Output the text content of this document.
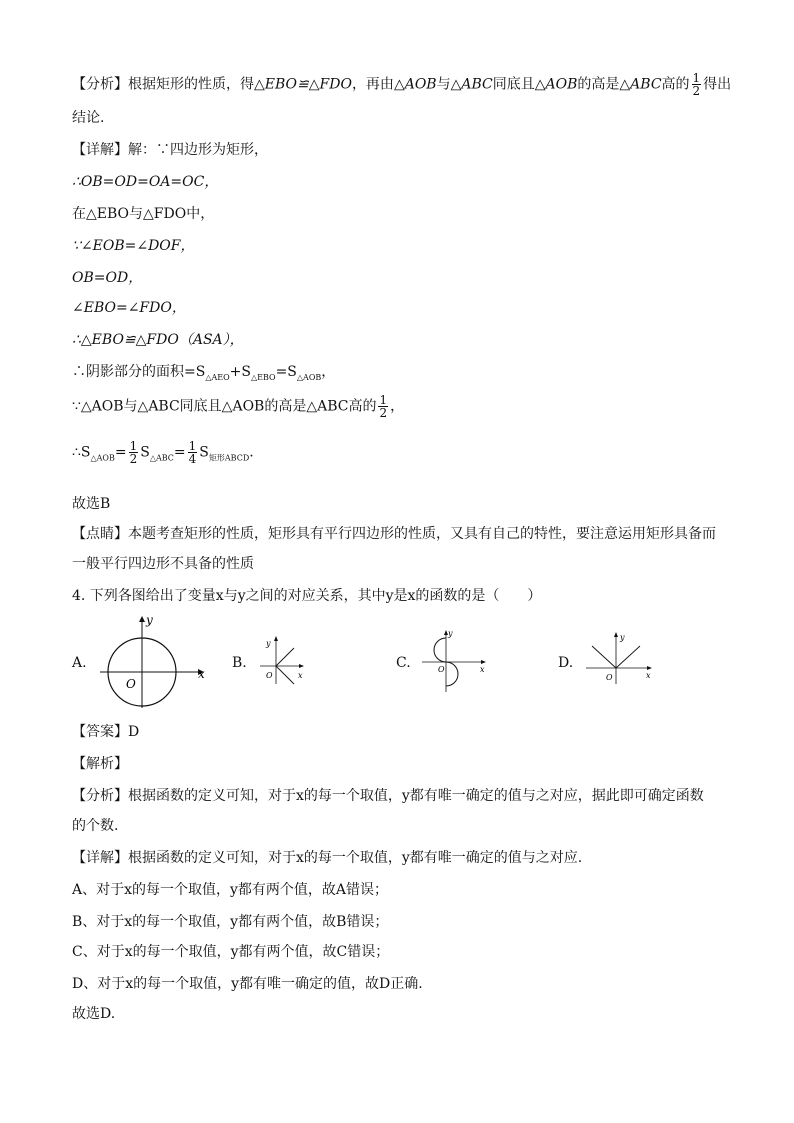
【分析】根据矩形的性质，得△EBO≌△FDO，再由△AOB与△ABC同底且△AOB的高是△ABC高的 $\frac{1}{2}$ 得出
结论.
【详解】解：∵四边形为矩形，
∴OB=OD=OA=OC，
在△EBO与△FDO中，
∵∠EOB=∠DOF，
OB=OD，
∠EBO=∠FDO，
∴△EBO≌△FDO（ASA），
∴阴影部分的面积$=S_{\triangle AEO}+S_{\triangle EBO}=S_{\triangle AOB}$，
∵△AOB与△ABC同底且△AOB的高是△ABC高的 $\frac{1}{2}$ ，
$\therefore S_{\triangle AOB}= \frac{1}{2} S_{\triangle ABC}= \frac{1}{4} S_{矩形ABCD}$.
故选B
【点睛】本题考查矩形的性质，矩形具有平行四边形的性质，又具有自己的特性，要注意运用矩形具备而
一般平行四边形不具备的性质
4. 下列各图给出了变量x与y之间的对应关系，其中y是x的函数的是（　　）
A.
y
x
O
B.
y
x
O
C.
y
x
O	D.
y
x
O
【答案】D
【解析】
【分析】根据函数的定义可知，对于x的每一个取值，y都有唯一确定的值与之对应，据此即可确定函数
的个数.
【详解】根据函数的定义可知，对于x的每一个取值，y都有唯一确定的值与之对应.
A、对于x的每一个取值，y都有两个值，故A错误；
B、对于x的每一个取值，y都有两个值，故B错误；
C、对于x的每一个取值，y都有两个值，故C错误；
D、对于x的每一个取值，y都有唯一确定的值，故D正确.
故选D.
